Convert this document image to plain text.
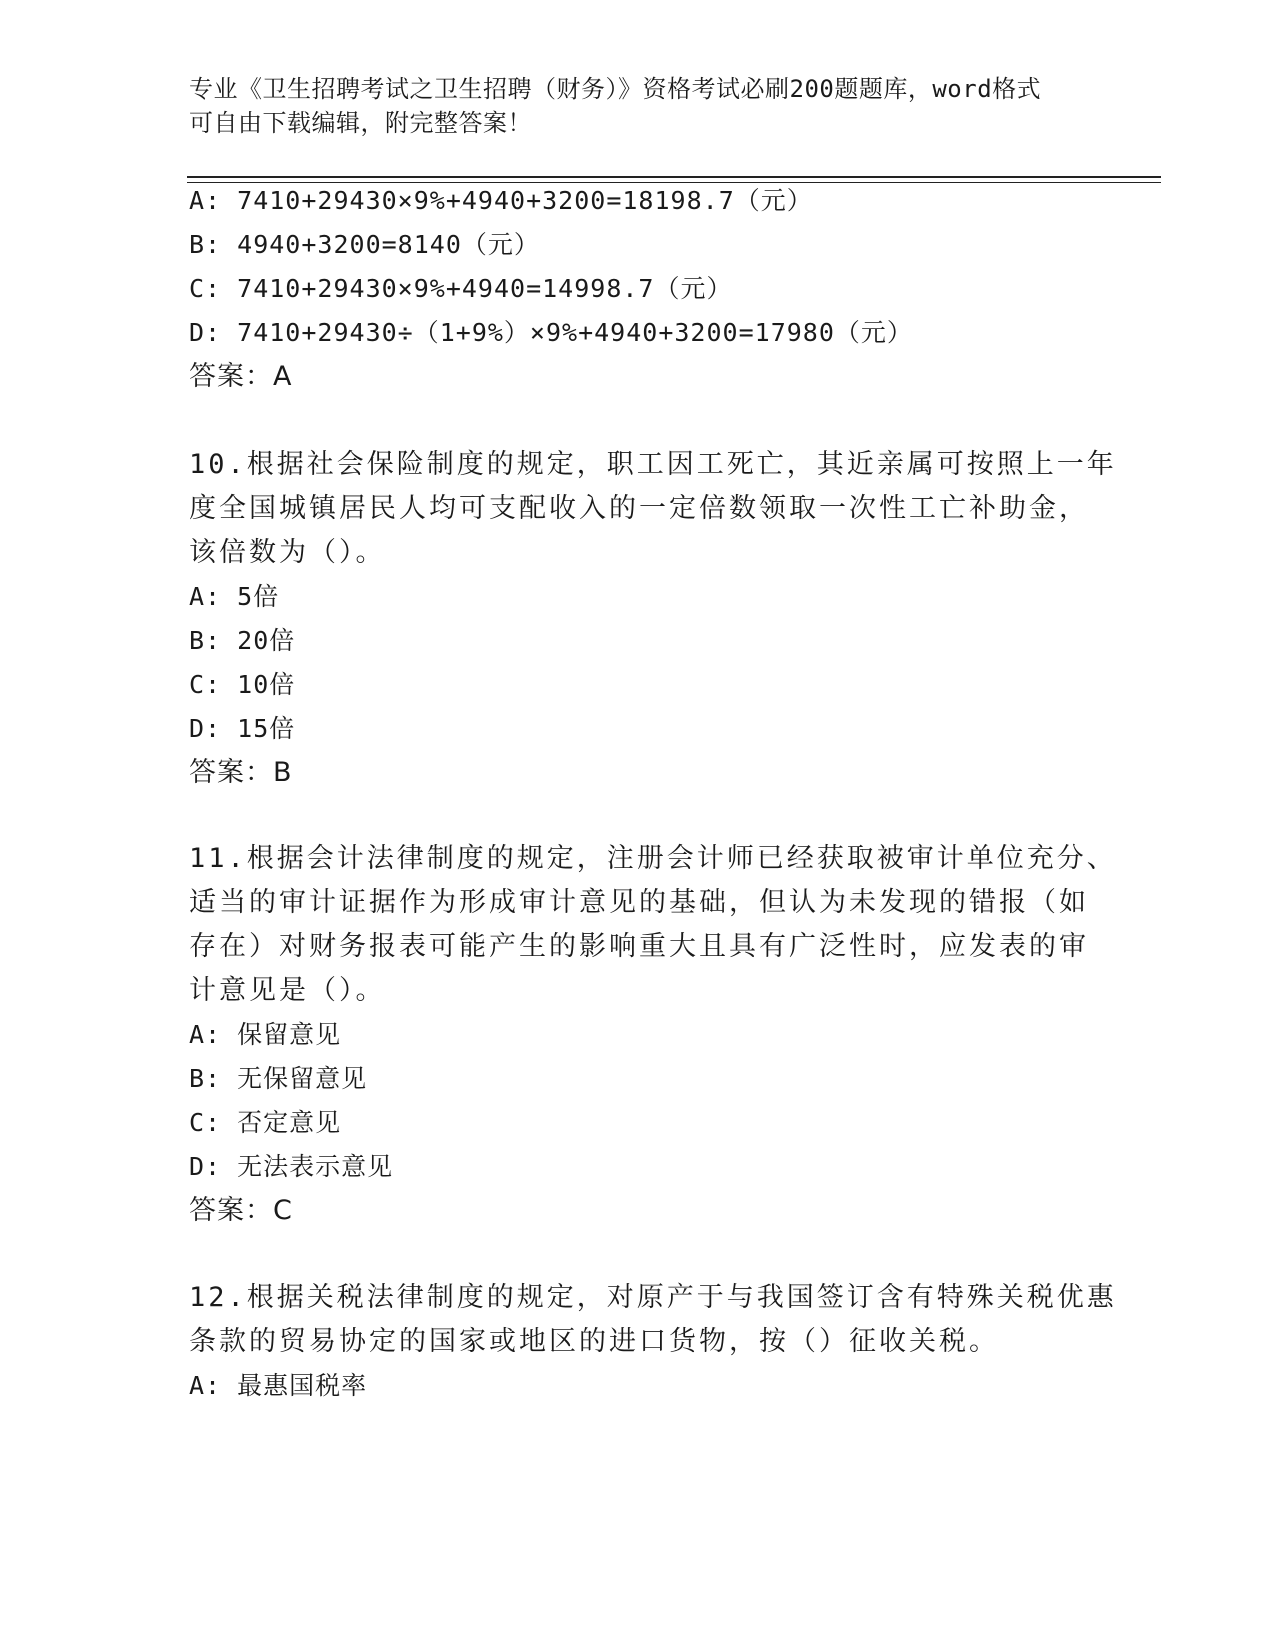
专业《卫生招聘考试之卫生招聘（财务）》资格考试必刷200题题库，word格式
可自由下载编辑，附完整答案！
A: 7410+29430×9%+4940+3200=18198.7（元）
B: 4940+3200=8140（元）
C: 7410+29430×9%+4940=14998.7（元）
D: 7410+29430÷（1+9%）×9%+4940+3200=17980（元）
答案：A
10.根据社会保险制度的规定，职工因工死亡，其近亲属可按照上一年
度全国城镇居民人均可支配收入的一定倍数领取一次性工亡补助金，
该倍数为（）。
A: 5倍
B: 20倍
C: 10倍
D: 15倍
答案：B
11.根据会计法律制度的规定，注册会计师已经获取被审计单位充分、
适当的审计证据作为形成审计意见的基础，但认为未发现的错报（如
存在）对财务报表可能产生的影响重大且具有广泛性时，应发表的审
计意见是（）。
A: 保留意见
B: 无保留意见
C: 否定意见
D: 无法表示意见
答案：C
12.根据关税法律制度的规定，对原产于与我国签订含有特殊关税优惠
条款的贸易协定的国家或地区的进口货物，按（）征收关税。
A: 最惠国税率
